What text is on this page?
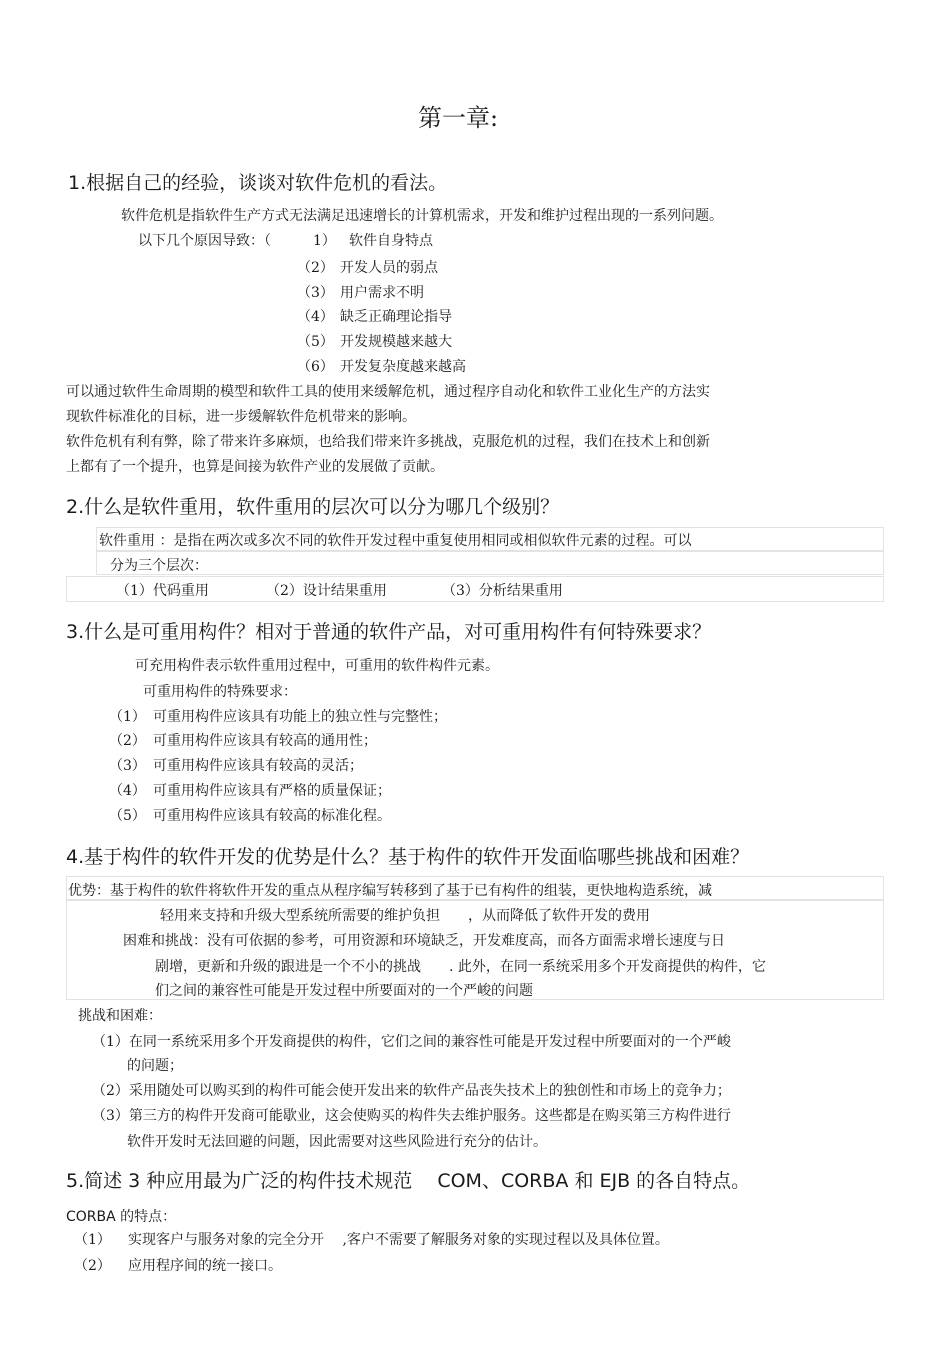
第一章:
1.根据自己的经验，谈谈对软件危机的看法。
软件危机是指软件生产方式无法满足迅速增长的计算机需求，开发和维护过程出现的一系列问题。
以下几个原因导致：（	1） 软件自身特点
（2） 开发人员的弱点
（3） 用户需求不明
（4） 缺乏正确理论指导
（5） 开发规模越来越大
（6） 开发复杂度越来越高
可以通过软件生命周期的模型和软件工具的使用来缓解危机，通过程序自动化和软件工业化生产的方法实
现软件标准化的目标，进一步缓解软件危机带来的影响。
软件危机有利有弊，除了带来许多麻烦，也给我们带来许多挑战，克服危机的过程，我们在技术上和创新
上都有了一个提升，也算是间接为软件产业的发展做了贡献。
2.什么是软件重用，软件重用的层次可以分为哪几个级别？
软件重用 ：是指在两次或多次不同的软件开发过程中重复使用相同或相似软件元素的过程。可以
分为三个层次：
（1）代码重用	（2）设计结果重用	（3）分析结果重用
3.什么是可重用构件？相对于普通的软件产品，对可重用构件有何特殊要求？
可充用构件表示软件重用过程中，可重用的软件构件元素。
可重用构件的特殊要求：
（1） 可重用构件应该具有功能上的独立性与完整性；
（2） 可重用构件应该具有较高的通用性；
（3） 可重用构件应该具有较高的灵活；
（4） 可重用构件应该具有严格的质量保证；
（5） 可重用构件应该具有较高的标准化程。
4.基于构件的软件开发的优势是什么？基于构件的软件开发面临哪些挑战和困难？
优势：基于构件的软件将软件开发的重点从程序编写转移到了基于已有构件的组装，更快地构造系统，减
轻用来支持和升级大型系统所需要的维护负担　　，从而降低了软件开发的费用
困难和挑战：没有可依据的参考，可用资源和环境缺乏，开发难度高，而各方面需求增长速度与日
剧增，更新和升级的跟进是一个不小的挑战　　. 此外，在同一系统采用多个开发商提供的构件，它
们之间的兼容性可能是开发过程中所要面对的一个严峻的问题
挑战和困难：
（1）在同一系统采用多个开发商提供的构件，它们之间的兼容性可能是开发过程中所要面对的一个严峻
的问题；
（2）采用随处可以购买到的构件可能会使开发出来的软件产品丧失技术上的独创性和市场上的竞争力；
（3）第三方的构件开发商可能歇业，这会使购买的构件失去维护服务。这些都是在购买第三方构件进行
软件开发时无法回避的问题，因此需要对这些风险进行充分的估计。
5.简述 3 种应用最为广泛的构件技术规范　 COM、CORBA 和 EJB 的各自特点。
CORBA 的特点：
（1） 实现客户与服务对象的完全分开　 ,客户不需要了解服务对象的实现过程以及具体位置。
（2） 应用程序间的统一接口。
